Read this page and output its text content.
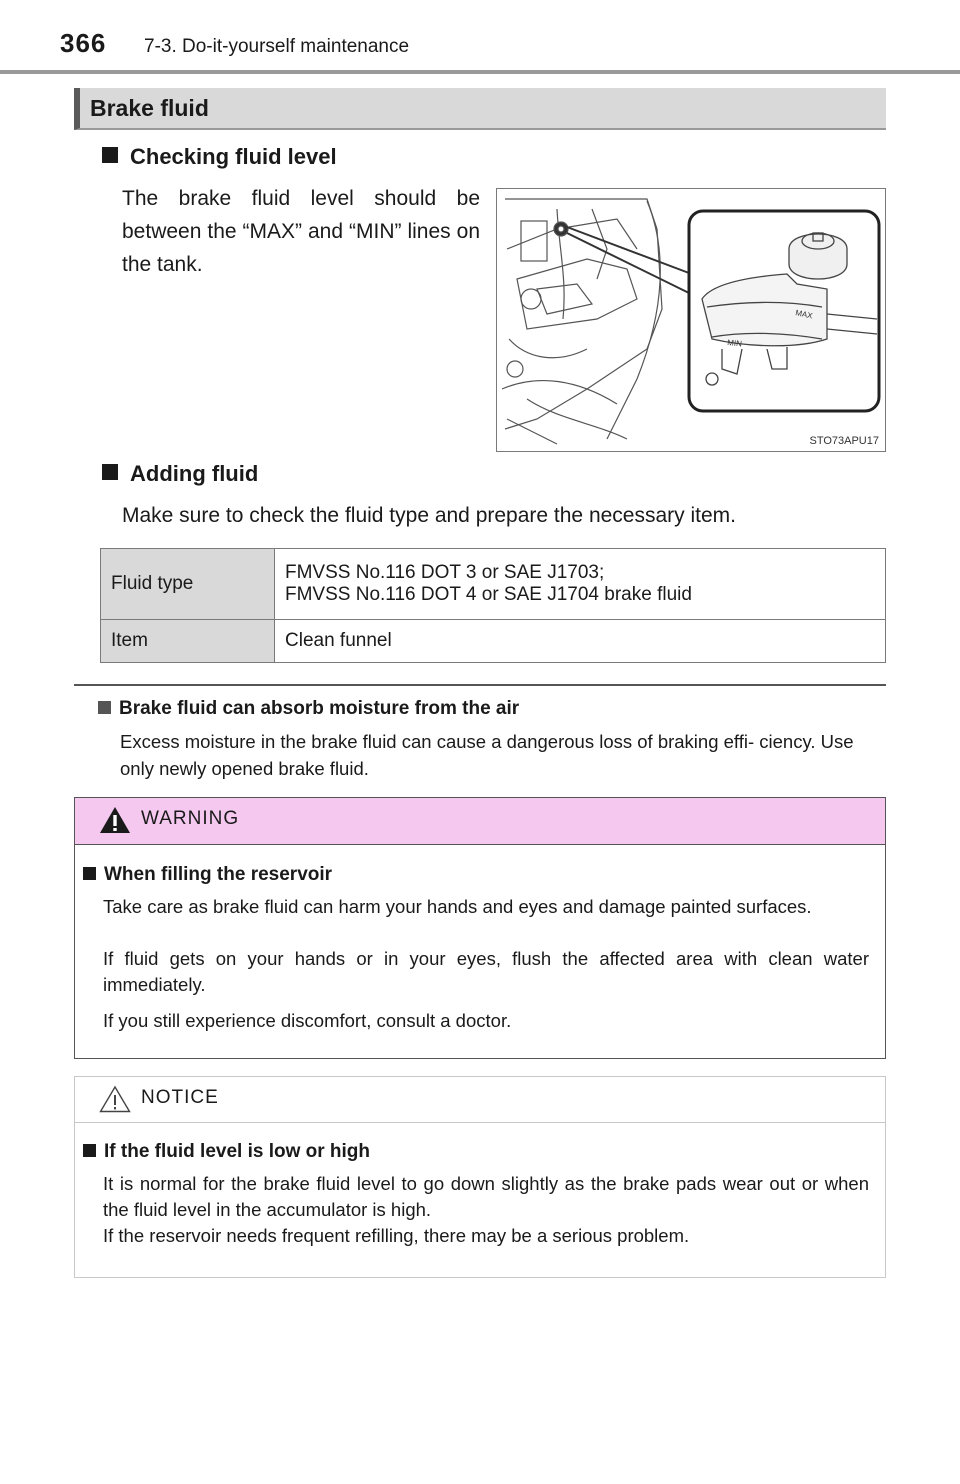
366 7-3. Do-it-yourself maintenance
Brake fluid
Checking fluid level
The brake fluid level should be between the “MAX” and “MIN” lines on the tank.
MAX
MIN
STO73APU17
Adding fluid
Make sure to check the fluid type and prepare the necessary item.
Fluid type	FMVSS No.116 DOT 3 or SAE J1703;
FMVSS No.116 DOT 4 or SAE J1704 brake fluid

Item	Clean funnel
Brake fluid can absorb moisture from the air
Excess moisture in the brake fluid can cause a dangerous loss of braking effi- ciency. Use only newly opened brake fluid.
WARNING
When filling the reservoir
Take care as brake fluid can harm your hands and eyes and damage painted surfaces.
If fluid gets on your hands or in your eyes, flush the affected area with clean water immediately.
If you still experience discomfort, consult a doctor.
NOTICE
If the fluid level is low or high
It is normal for the brake fluid level to go down slightly as the brake pads wear out or when the fluid level in the accumulator is high.
If the reservoir needs frequent refilling, there may be a serious problem.
